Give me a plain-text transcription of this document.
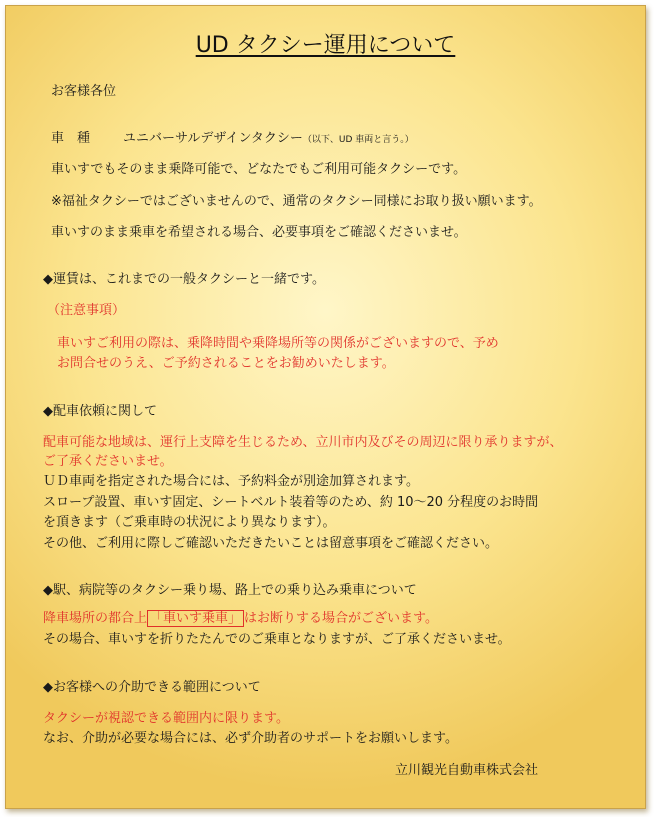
UD タクシー運用について
お客様各位
車　種	ユニバーサルデザインタクシー（以下、UD 車両と言う。）
車いすでもそのまま乗降可能で、どなたでもご利用可能タクシーです。
※福祉タクシーではございませんので、通常のタクシー同様にお取り扱い願います。
車いすのまま乗車を希望される場合、必要事項をご確認くださいませ。
◆運賃は、これまでの一般タクシーと一緒です。
（注意事項）
車いすご利用の際は、乗降時間や乗降場所等の関係がございますので、予め
お問合せのうえ、ご予約されることをお勧めいたします。
◆配車依頼に関して
配車可能な地域は、運行上支障を生じるため、立川市内及びその周辺に限り承りますが、
ご了承くださいませ。
ＵＤ車両を指定された場合には、予約料金が別途加算されます。
スロープ設置、車いす固定、シートベルト装着等のため、約 10～20 分程度のお時間
を頂きます（ご乗車時の状況により異なります）。
その他、ご利用に際しご確認いただきたいことは留意事項をご確認ください。
◆駅、病院等のタクシー乗り場、路上での乗り込み乗車について
降車場所の都合上 「車いす乗車」 はお断りする場合がございます。
その場合、車いすを折りたたんでのご乗車となりますが、ご了承くださいませ。
◆お客様への介助できる範囲について
タクシーが視認できる範囲内に限ります。
なお、介助が必要な場合には、必ず介助者のサポートをお願いします。
立川観光自動車株式会社
